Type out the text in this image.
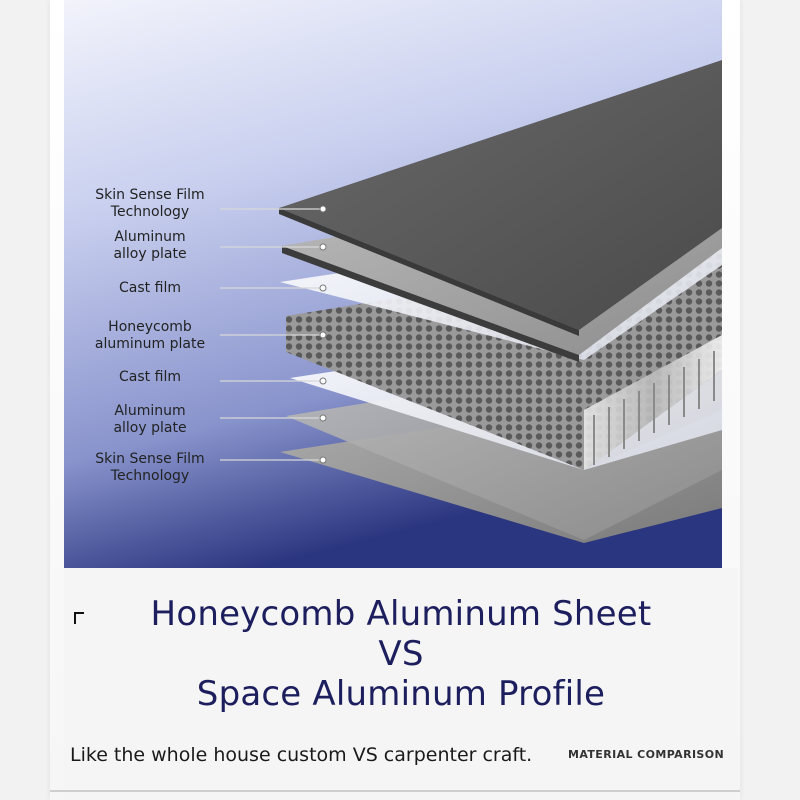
Skin Sense Film
Technology
Aluminum
alloy plate
Cast film
Honeycomb
aluminum plate
Cast film
Aluminum
alloy plate
Skin Sense Film
Technology
Honeycomb Aluminum Sheet
VS
Space Aluminum Profile
Like the whole house custom VS carpenter craft.	MATERIAL COMPARISON
